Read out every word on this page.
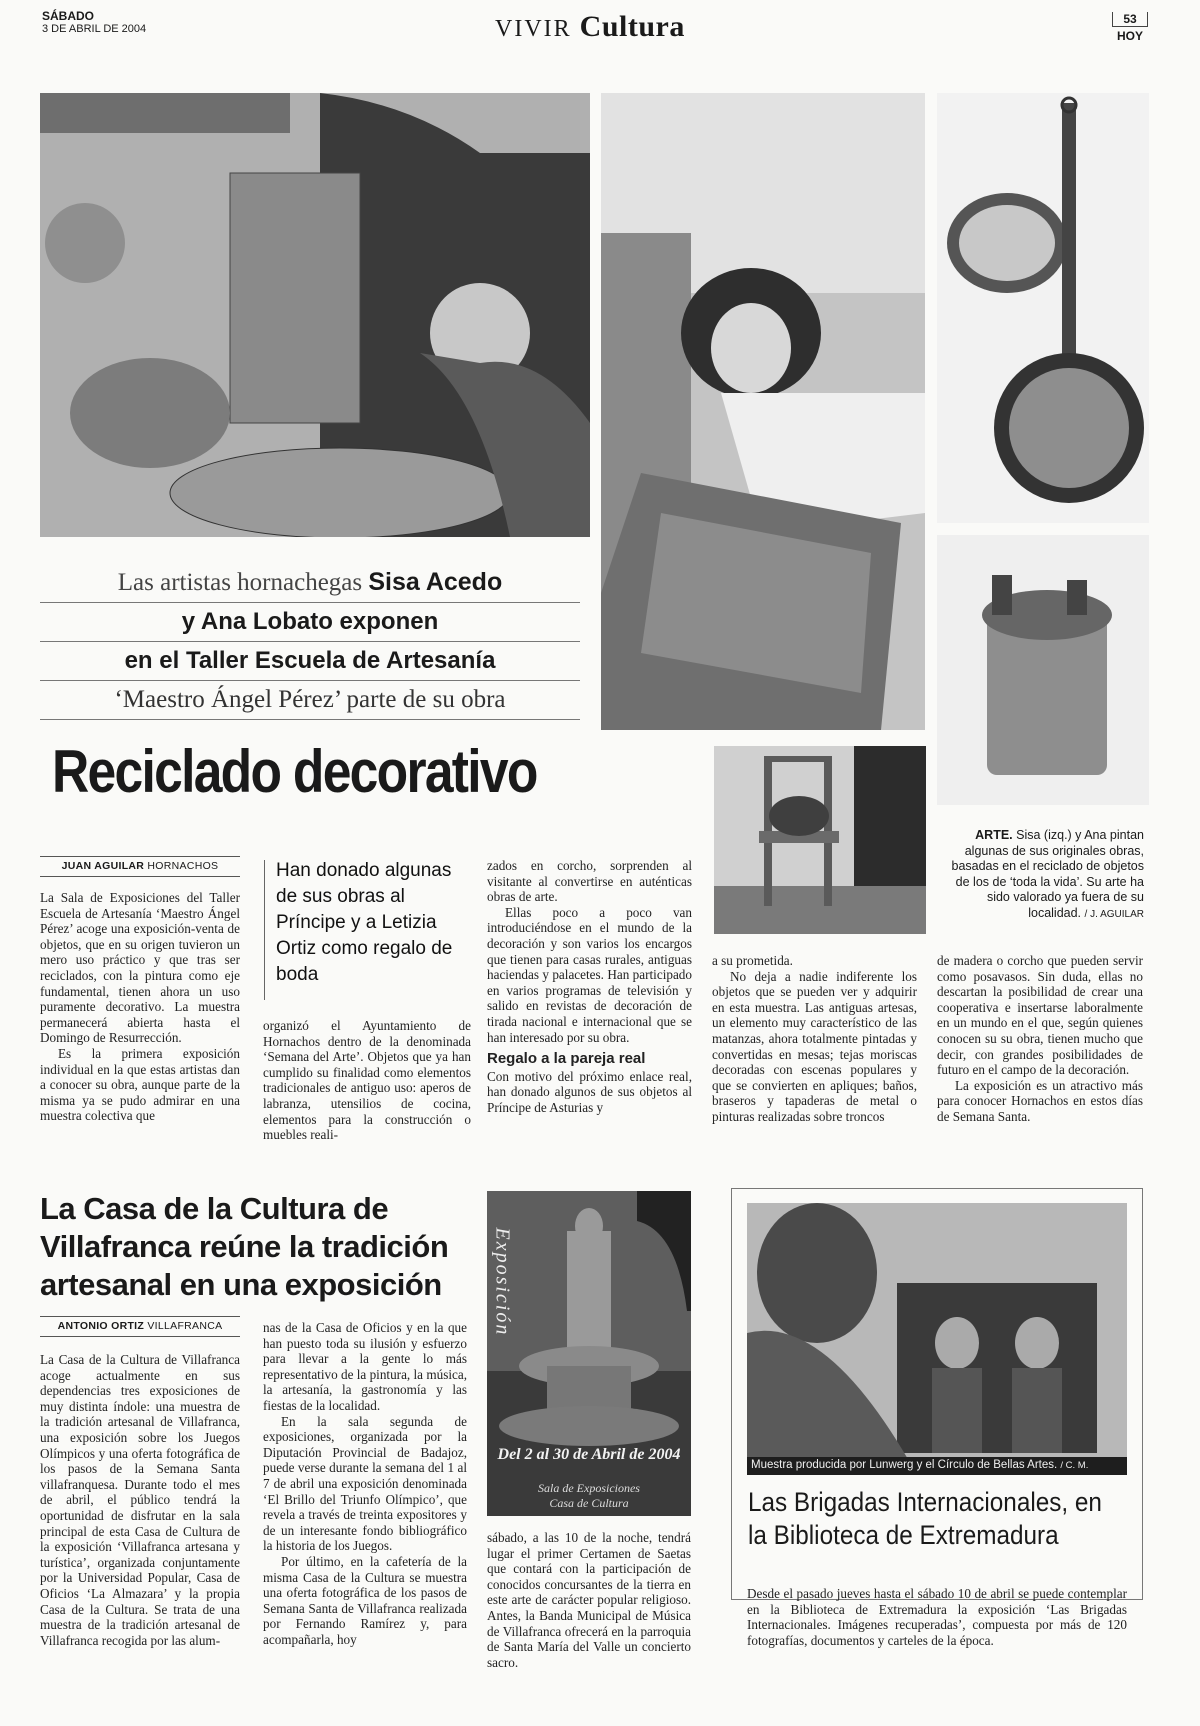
SÁBADO
3 DE ABRIL DE 2004	VIVIR Cultura	53
HOY
Las artistas hornachegas Sisa Acedo
y Ana Lobato exponen
en el Taller Escuela de Artesanía
‘Maestro Ángel Pérez’ parte de su obra
Reciclado decorativo
ARTE. Sisa (izq.) y Ana pintan algunas de sus originales obras, basadas en el reciclado de objetos de los de ‘toda la vida’. Su arte ha sido valorado ya fuera de su localidad. / J. AGUILAR
JUAN AGUILAR HORNACHOS

La Sala de Exposiciones del Taller Escuela de Artesanía ‘Maestro Ángel Pérez’ acoge una exposición-venta de objetos, que en su origen tuvieron un mero uso práctico y que tras ser reciclados, con la pintura como eje fundamental, tienen ahora un uso puramente decorativo. La muestra permanecerá abierta hasta el Domingo de Resurrección.

Es la primera exposición individual en la que estas artistas dan a conocer su obra, aunque parte de la misma ya se pudo admirar en una muestra colectiva que

Han donado algunas de sus obras al Príncipe y a Letizia Ortiz como regalo de boda

organizó el Ayuntamiento de Hornachos dentro de la denominada ‘Semana del Arte’. Objetos que ya han cumplido su finalidad como elementos tradicionales de antiguo uso: aperos de labranza, utensilios de cocina, elementos para la construcción o muebles reali-

zados en corcho, sorprenden al visitante al convertirse en auténticas obras de arte.

Ellas poco a poco van introduciéndose en el mundo de la decoración y son varios los encargos que tienen para casas rurales, antiguas haciendas y palacetes. Han participado en varios programas de televisión y salido en revistas de decoración de tirada nacional e internacional que se han interesado por su obra.

Regalo a la pareja real

Con motivo del próximo enlace real, han donado algunos de sus objetos al Príncipe de Asturias y

a su prometida.

No deja a nadie indiferente los objetos que se pueden ver y adquirir en esta muestra. Las antiguas artesas, un elemento muy característico de las matanzas, ahora totalmente pintadas y convertidas en mesas; tejas moriscas decoradas con escenas populares y que se convierten en apliques; baños, braseros y tapaderas de metal o pinturas realizadas sobre troncos

de madera o corcho que pueden servir como posavasos. Sin duda, ellas no descartan la posibilidad de crear una cooperativa e insertarse laboralmente en un mundo en el que, según quienes conocen su su obra, tienen mucho que decir, con grandes posibilidades de futuro en el campo de la decoración.

La exposición es un atractivo más para conocer Hornachos en estos días de Semana Santa.

La Casa de la Cultura de Villafranca reúne la tradición artesanal en una exposición
ANTONIO ORTIZ VILLAFRANCA

La Casa de la Cultura de Villafranca acoge actualmente en sus dependencias tres exposiciones de muy distinta índole: una muestra de la tradición artesanal de Villafranca, una exposición sobre los Juegos Olímpicos y una oferta fotográfica de los pasos de la Semana Santa villafranquesa. Durante todo el mes de abril, el público tendrá la oportunidad de disfrutar en la sala principal de esta Casa de Cultura de la exposición ‘Villafranca artesana y turística’, organizada conjuntamente por la Universidad Popular, Casa de Oficios ‘La Almazara’ y la propia Casa de la Cultura. Se trata de una muestra de la tradición artesanal de Villafranca recogida por las alum-

nas de la Casa de Oficios y en la que han puesto toda su ilusión y esfuerzo para llevar a la gente lo más representativo de la pintura, la música, la artesanía, la gastronomía y las fiestas de la localidad.

En la sala segunda de exposiciones, organizada por la Diputación Provincial de Badajoz, puede verse durante la semana del 1 al 7 de abril una exposición denominada ‘El Brillo del Triunfo Olímpico’, que revela a través de treinta expositores y de un interesante fondo bibliográfico la historia de los Juegos.

Por último, en la cafetería de la misma Casa de la Cultura se muestra una oferta fotográfica de los pasos de Semana Santa de Villafranca realizada por Fernando Ramírez y, para acompañarla, hoy

Exposición
Del 2 al 30 de Abril de 2004
Sala de Exposiciones
Casa de Cultura

sábado, a las 10 de la noche, tendrá lugar el primer Certamen de Saetas que contará con la participación de conocidos concursantes de la tierra en este arte de carácter popular religioso. Antes, la Banda Municipal de Música de Villafranca ofrecerá en la parroquia de Santa María del Valle un concierto sacro.

Muestra producida por Lunwerg y el Círculo de Bellas Artes. / C. M.
Las Brigadas Internacionales, en la Biblioteca de Extremadura

Desde el pasado jueves hasta el sábado 10 de abril se puede contemplar en la Biblioteca de Extremadura la exposición ‘Las Brigadas Internacionales. Imágenes recuperadas’, compuesta por más de 120 fotografías, documentos y carteles de la época.
